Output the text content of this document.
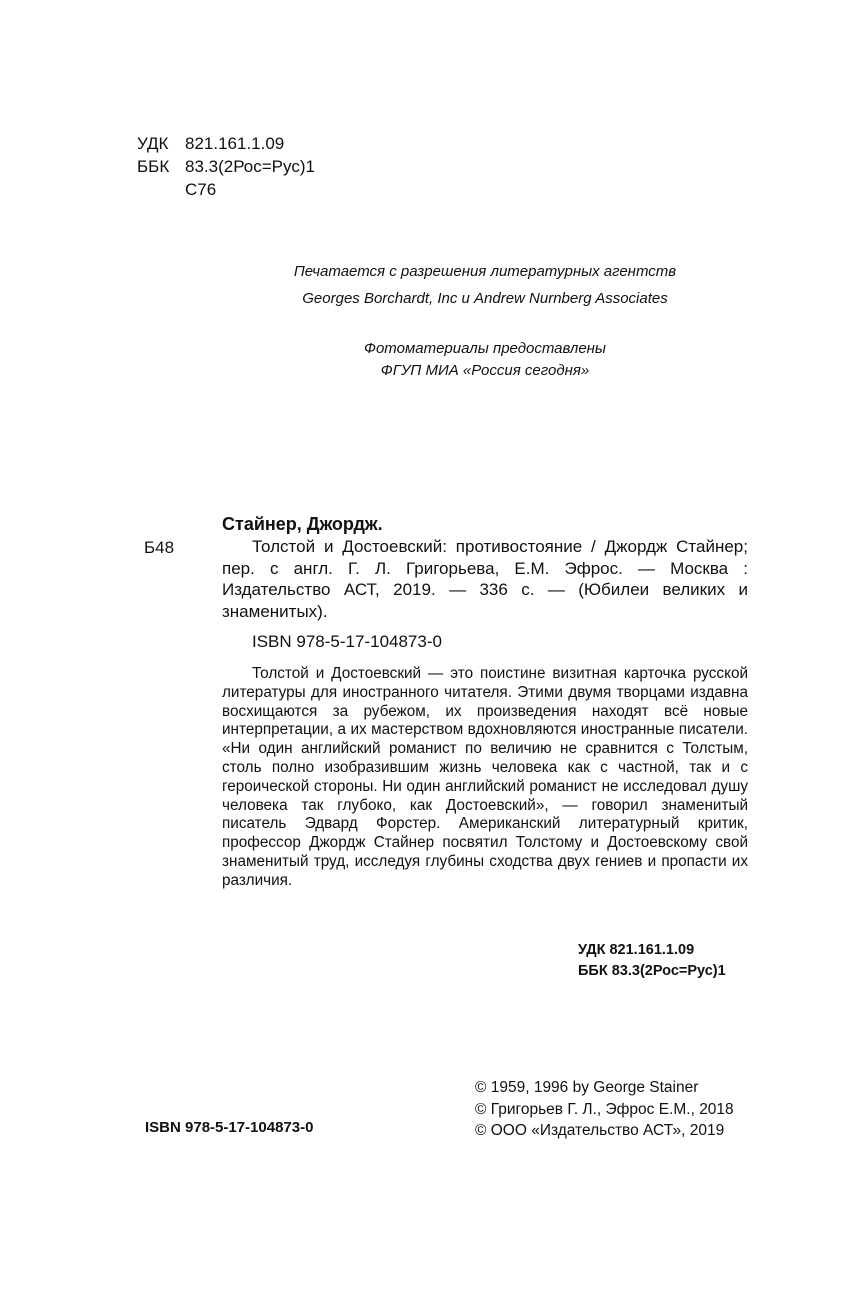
УДК 821.161.1.09
ББК 83.3(2Рос=Рус)1
С76
Печатается с разрешения литературных агентств
Georges Borchardt, Inc и Andrew Nurnberg Associates
Фотоматериалы предоставлены
ФГУП МИА «Россия сегодня»
Б48
Стайнер, Джордж.
Толстой и Достоевский: противостояние / Джордж Стайнер; пер. с англ. Г. Л. Григорьева, Е.М. Эфрос. — Москва : Издательство АСТ, 2019. — 336 с. — (Юбилеи великих и знаменитых).
ISBN 978-5-17-104873-0
Толстой и Достоевский — это поистине визитная карточка русской литературы для иностранного читателя. Этими двумя творцами издавна восхищаются за рубежом, их произведения находят всё новые интерпретации, а их мастерством вдохновляются иностранные писатели. «Ни один английский романист по величию не сравнится с Толстым, столь полно изобразившим жизнь человека как с частной, так и с героической стороны. Ни один английский романист не исследовал душу человека так глубоко, как Достоевский», — говорил знаменитый писатель Эдвард Форстер. Американский литературный критик, профессор Джордж Стайнер посвятил Толстому и Достоевскому свой знаменитый труд, исследуя глубины сходства двух гениев и пропасти их различия.
УДК 821.161.1.09
ББК 83.3(2Рос=Рус)1
ISBN 978-5-17-104873-0
© 1959, 1996 by George Stainer
© Григорьев Г. Л., Эфрос Е.М., 2018
© ООО «Издательство АСТ», 2019
